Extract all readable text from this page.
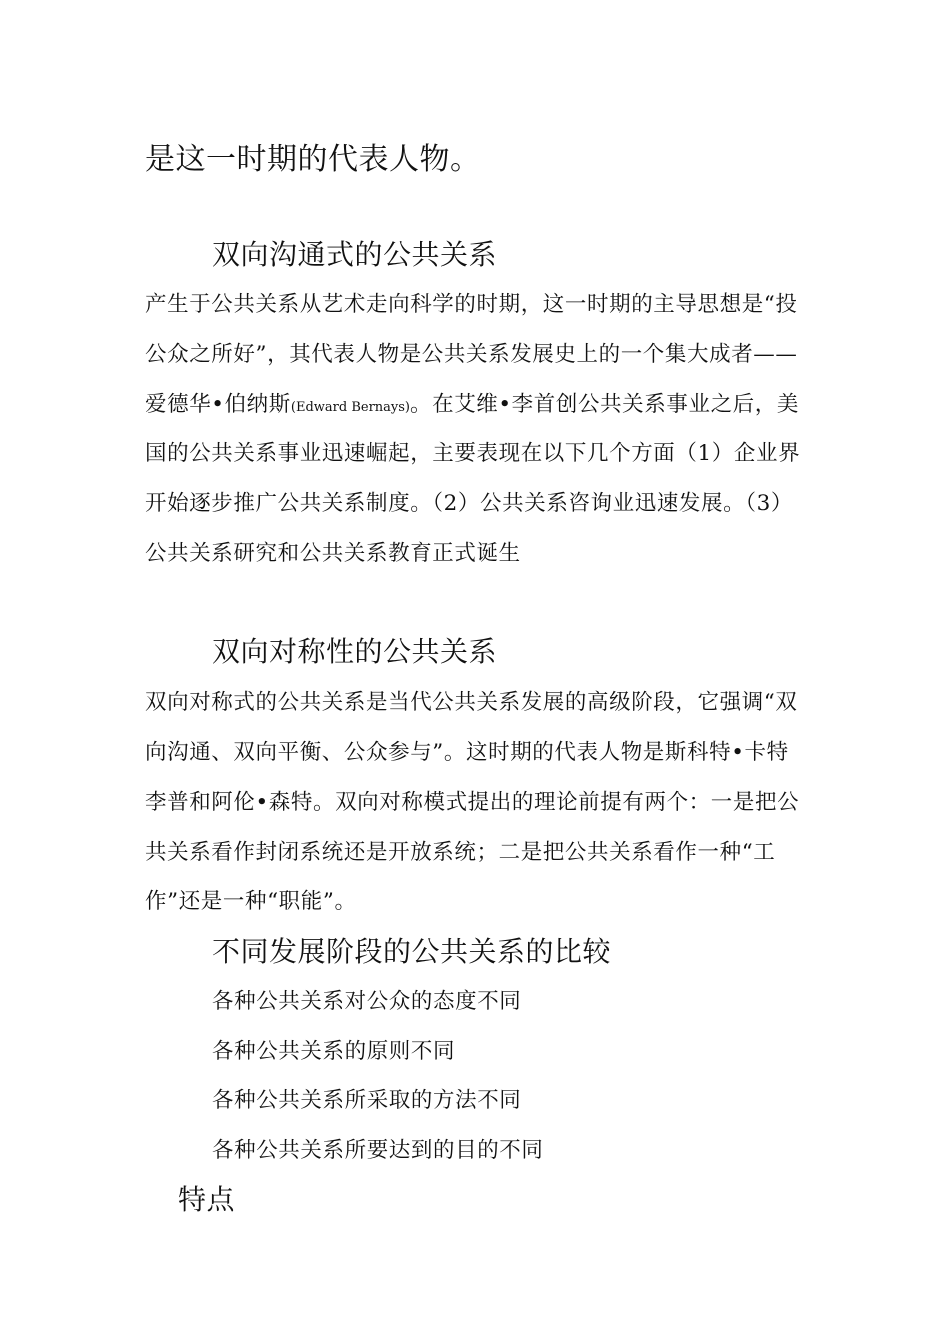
是这一时期的代表人物。
双向沟通式的公共关系
产生于公共关系从艺术走向科学的时期，这一时期的主导思想是“投
公众之所好”，其代表人物是公共关系发展史上的一个集大成者——
爱德华•伯纳斯(Edward Bernays)。在艾维•李首创公共关系事业之后，美
国的公共关系事业迅速崛起，主要表现在以下几个方面（1）企业界
开始逐步推广公共关系制度。（2）公共关系咨询业迅速发展。（3）
公共关系研究和公共关系教育正式诞生
双向对称性的公共关系
双向对称式的公共关系是当代公共关系发展的高级阶段，它强调“双
向沟通、双向平衡、公众参与”。这时期的代表人物是斯科特•卡特
李普和阿伦•森特。双向对称模式提出的理论前提有两个：一是把公
共关系看作封闭系统还是开放系统；二是把公共关系看作一种“工
作”还是一种“职能”。
不同发展阶段的公共关系的比较
各种公共关系对公众的态度不同
各种公共关系的原则不同
各种公共关系所采取的方法不同
各种公共关系所要达到的目的不同
特点
